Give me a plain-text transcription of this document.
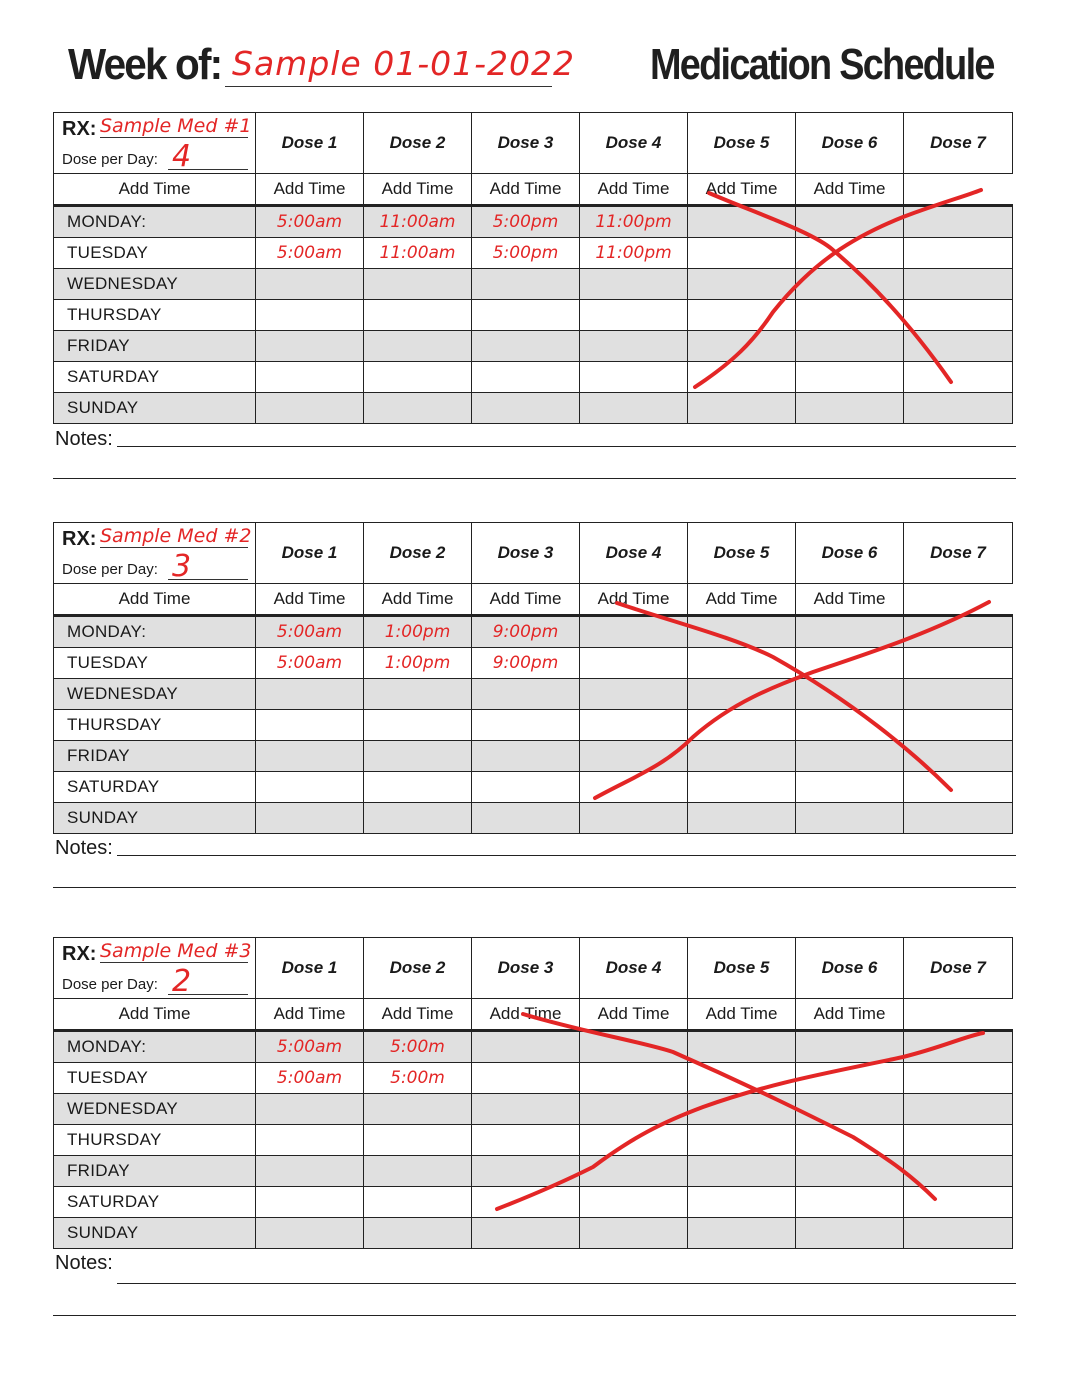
Week of: Sample 01-01-2022 Medication Schedule
RX: Sample Med #1
Dose per Day: 4	Dose 1	Dose 2	Dose 3	Dose 4	Dose 5	Dose 6	Dose 7
Add Time	Add Time	Add Time	Add Time	Add Time	Add Time	Add Time	
MONDAY:	5:00am	11:00am	5:00pm	11:00pm			
TUESDAY	5:00am	11:00am	5:00pm	11:00pm			
WEDNESDAY							
THURSDAY							
FRIDAY							
SATURDAY							
SUNDAY							
RX: Sample Med #2
Dose per Day: 3	Dose 1	Dose 2	Dose 3	Dose 4	Dose 5	Dose 6	Dose 7
Add Time	Add Time	Add Time	Add Time	Add Time	Add Time	Add Time	
MONDAY:	5:00am	1:00pm	9:00pm				
TUESDAY	5:00am	1:00pm	9:00pm				
WEDNESDAY							
THURSDAY							
FRIDAY							
SATURDAY							
SUNDAY							
RX: Sample Med #3
Dose per Day: 2	Dose 1	Dose 2	Dose 3	Dose 4	Dose 5	Dose 6	Dose 7
Add Time	Add Time	Add Time	Add Time	Add Time	Add Time	Add Time	
MONDAY:	5:00am	5:00m					
TUESDAY	5:00am	5:00m					
WEDNESDAY							
THURSDAY							
FRIDAY							
SATURDAY							
SUNDAY							
Notes:
Notes:
Notes:
